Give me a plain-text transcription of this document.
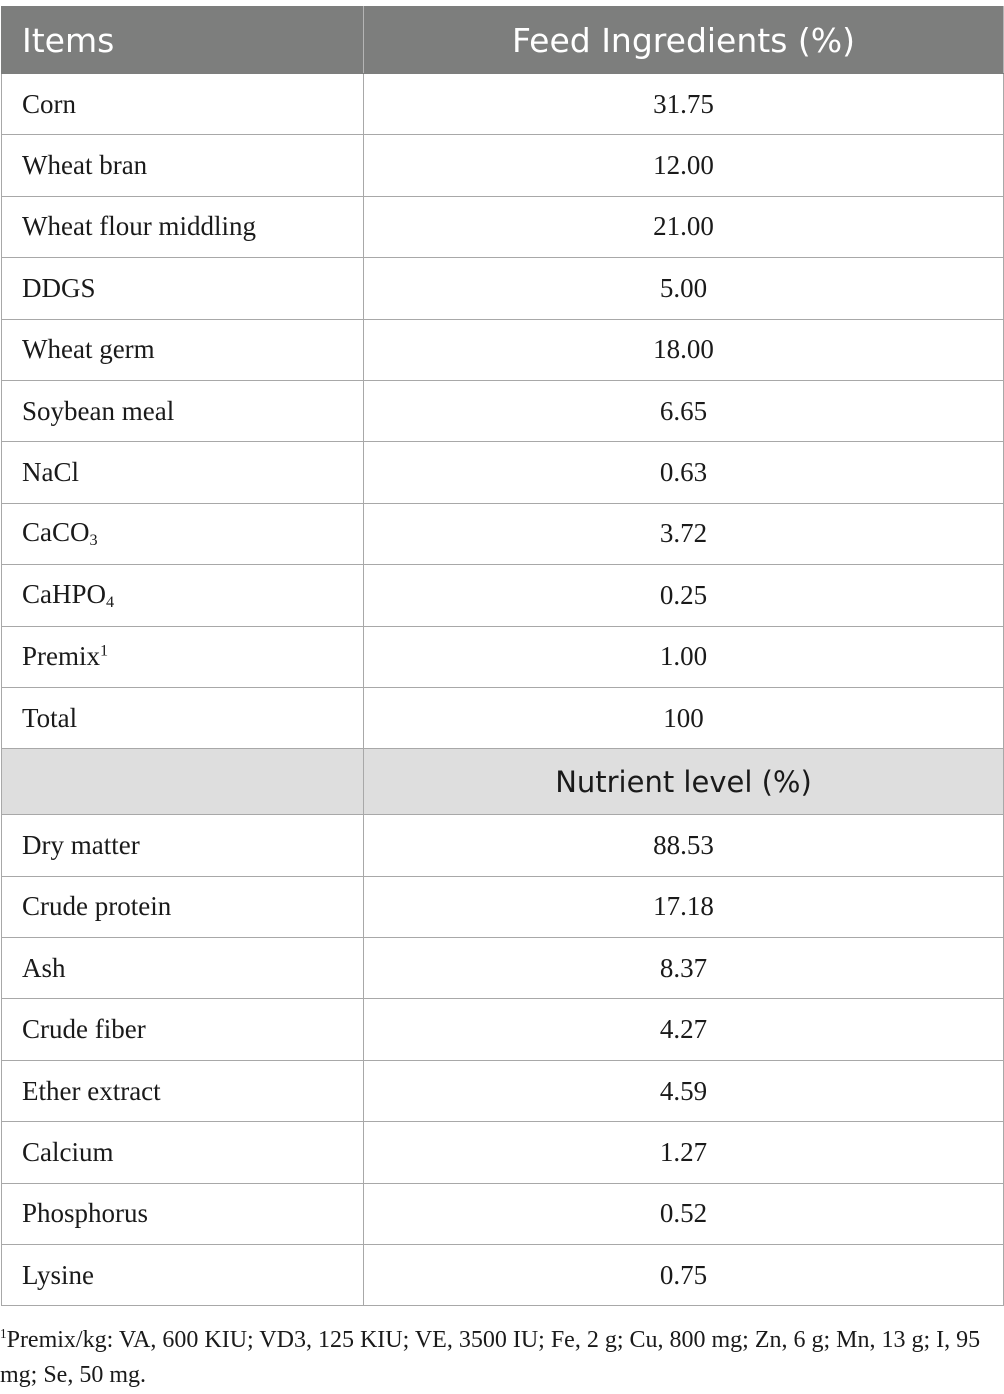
Items	Feed Ingredients (%)
Corn	31.75
Wheat bran	12.00
Wheat flour middling	21.00
DDGS	5.00
Wheat germ	18.00
Soybean meal	6.65
NaCl	0.63
CaCO$_3$	3.72
CaHPO$_4$	0.25
Premix$^1$	1.00
Total	100
	Nutrient level (%)
Dry matter	88.53
Crude protein	17.18
Ash	8.37
Crude fiber	4.27
Ether extract	4.59
Calcium	1.27
Phosphorus	0.52
Lysine	0.75

$^1$Premix/kg: VA, 600 KIU; VD3, 125 KIU; VE, 3500 IU; Fe, 2 g; Cu, 800 mg; Zn, 6 g; Mn, 13 g; I, 95 mg; Se, 50 mg.
